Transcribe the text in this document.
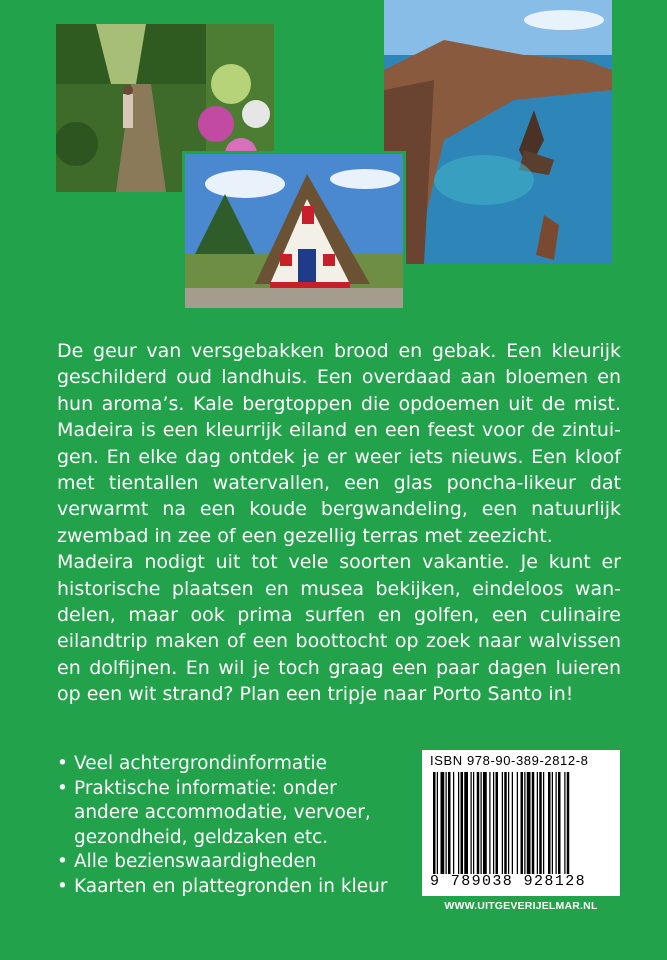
De geur van versgebakken brood en gebak. Een kleurijk geschilderd oud landhuis. Een overdaad aan bloemen en hun aroma’s. Kale bergtoppen die opdoemen uit de mist. Madeira is een kleurrijk eiland en een feest voor de zintui-gen. En elke dag ontdek je er weer iets nieuws. Een kloof met tientallen watervallen, een glas poncha-likeur dat verwarmt na een koude bergwandeling, een natuurlijk zwembad in zee of een gezellig terras met zeezicht.

Madeira nodigt uit tot vele soorten vakantie. Je kunt er historische plaatsen en musea bekijken, eindeloos wan-delen, maar ook prima surfen en golfen, een culinaire eilandtrip maken of een boottocht op zoek naar walvissen en dolfijnen. En wil je toch graag een paar dagen luieren op een wit strand? Plan een tripje naar Porto Santo in!

• Veel achtergrondinformatie
• Praktische informatie: onder andere accommodatie, vervoer, gezondheid, geldzaken etc.
• Alle bezienswaardigheden
• Kaarten en plattegronden in kleur
ISBN 978-90-389-2812-8
9 789038 928128
WWW.UITGEVERIJELMAR.NL
